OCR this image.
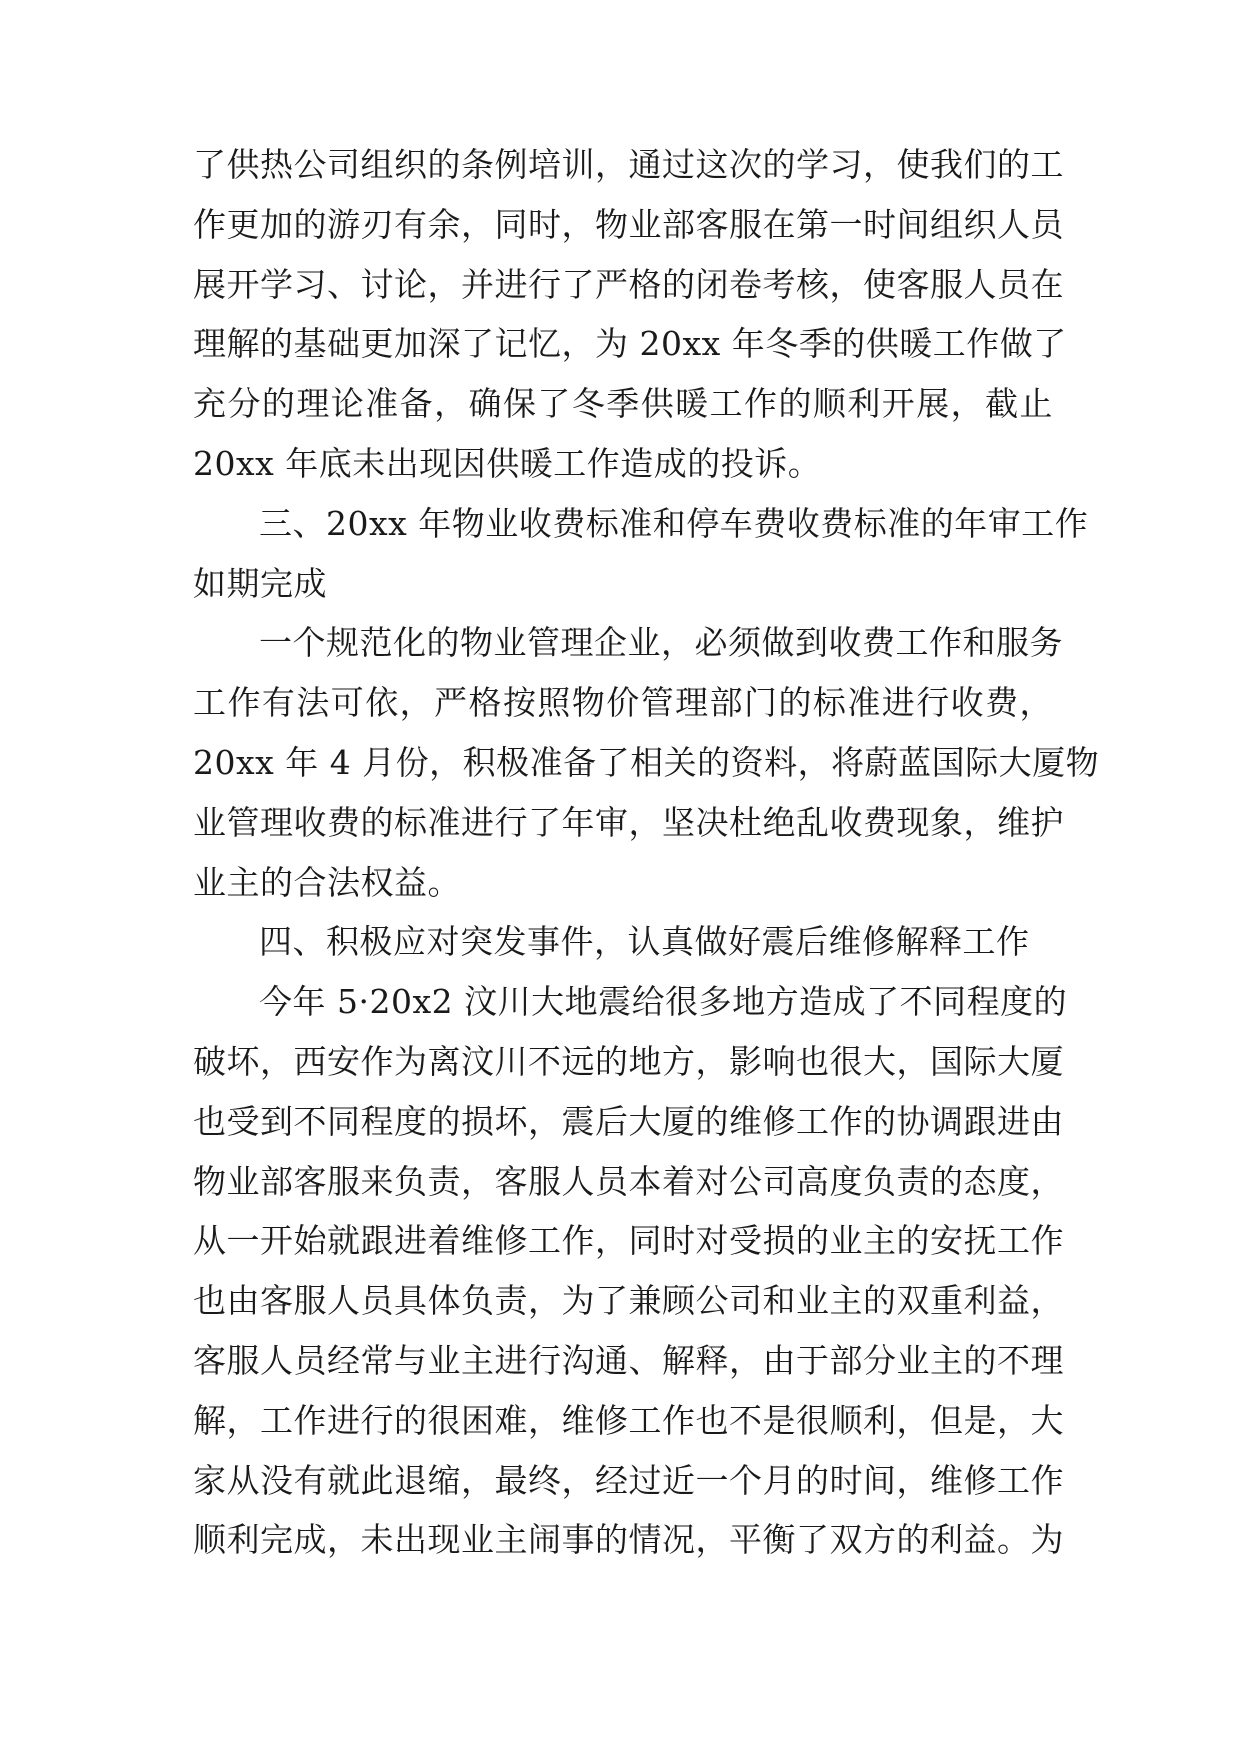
了供热公司组织的条例培训，通过这次的学习，使我们的工
作更加的游刃有余，同时，物业部客服在第一时间组织人员
展开学习、讨论，并进行了严格的闭卷考核，使客服人员在
理解的基础更加深了记忆，为 20xx 年冬季的供暖工作做了
充分的理论准备，确保了冬季供暖工作的顺利开展，截止
20xx 年底未出现因供暖工作造成的投诉。
三、20xx 年物业收费标准和停车费收费标准的年审工作
如期完成
一个规范化的物业管理企业，必须做到收费工作和服务
工作有法可依，严格按照物价管理部门的标准进行收费，
20xx 年 4 月份，积极准备了相关的资料，将蔚蓝国际大厦物
业管理收费的标准进行了年审，坚决杜绝乱收费现象，维护
业主的合法权益。
四、积极应对突发事件，认真做好震后维修解释工作
今年 5·20x2 汶川大地震给很多地方造成了不同程度的
破坏，西安作为离汶川不远的地方，影响也很大，国际大厦
也受到不同程度的损坏，震后大厦的维修工作的协调跟进由
物业部客服来负责，客服人员本着对公司高度负责的态度，
从一开始就跟进着维修工作，同时对受损的业主的安抚工作
也由客服人员具体负责，为了兼顾公司和业主的双重利益，
客服人员经常与业主进行沟通、解释，由于部分业主的不理
解，工作进行的很困难，维修工作也不是很顺利，但是，大
家从没有就此退缩，最终，经过近一个月的时间，维修工作
顺利完成，未出现业主闹事的情况，平衡了双方的利益。为
